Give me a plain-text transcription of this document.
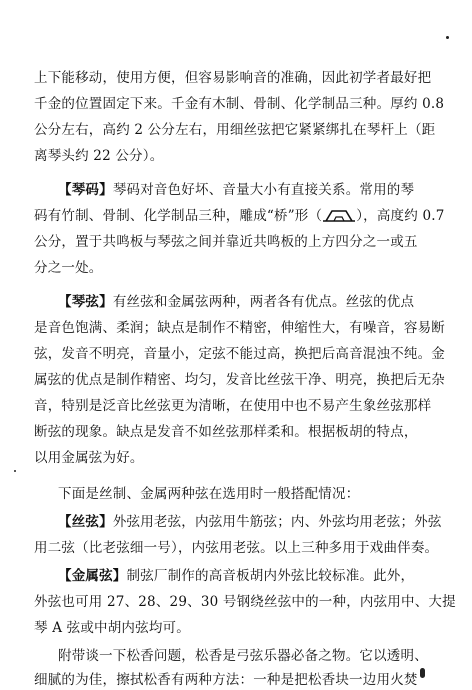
上下能移动，使用方便，但容易影响音的准确，因此初学者最好把
千金的位置固定下来。千金有木制、骨制、化学制品三种。厚约 0.8
公分左右，高约 2 公分左右，用细丝弦把它紧紧绑扎在琴杆上（距
离琴头约 22 公分）。
【琴码】琴码对音色好坏、音量大小有直接关系。常用的琴
码有竹制、骨制、化学制品三种，雕成“桥”形（	），高度约 0.7
公分，置于共鸣板与琴弦之间并靠近共鸣板的上方四分之一或五
分之一处。
【琴弦】有丝弦和金属弦两种，两者各有优点。丝弦的优点
是音色饱满、柔润；缺点是制作不精密，伸缩性大，有噪音，容易断
弦，发音不明亮，音量小，定弦不能过高，换把后高音混浊不纯。金
属弦的优点是制作精密、均匀，发音比丝弦干净、明亮，换把后无杂
音，特别是泛音比丝弦更为清晰，在使用中也不易产生象丝弦那样
断弦的现象。缺点是发音不如丝弦那样柔和。根据板胡的特点，
以用金属弦为好。
下面是丝制、金属两种弦在选用时一般搭配情况：
【丝弦】外弦用老弦，内弦用牛筋弦；内、外弦均用老弦；外弦
用二弦（比老弦细一号），内弦用老弦。以上三种多用于戏曲伴奏。
【金属弦】制弦厂制作的高音板胡内外弦比较标准。此外，
外弦也可用 27、28、29、30 号钢绕丝弦中的一种，内弦用中、大提
琴 A 弦或中胡内弦均可。
附带谈一下松香问题，松香是弓弦乐器必备之物。它以透明、
细腻的为佳，擦拭松香有两种方法：一种是把松香块一边用火焚
